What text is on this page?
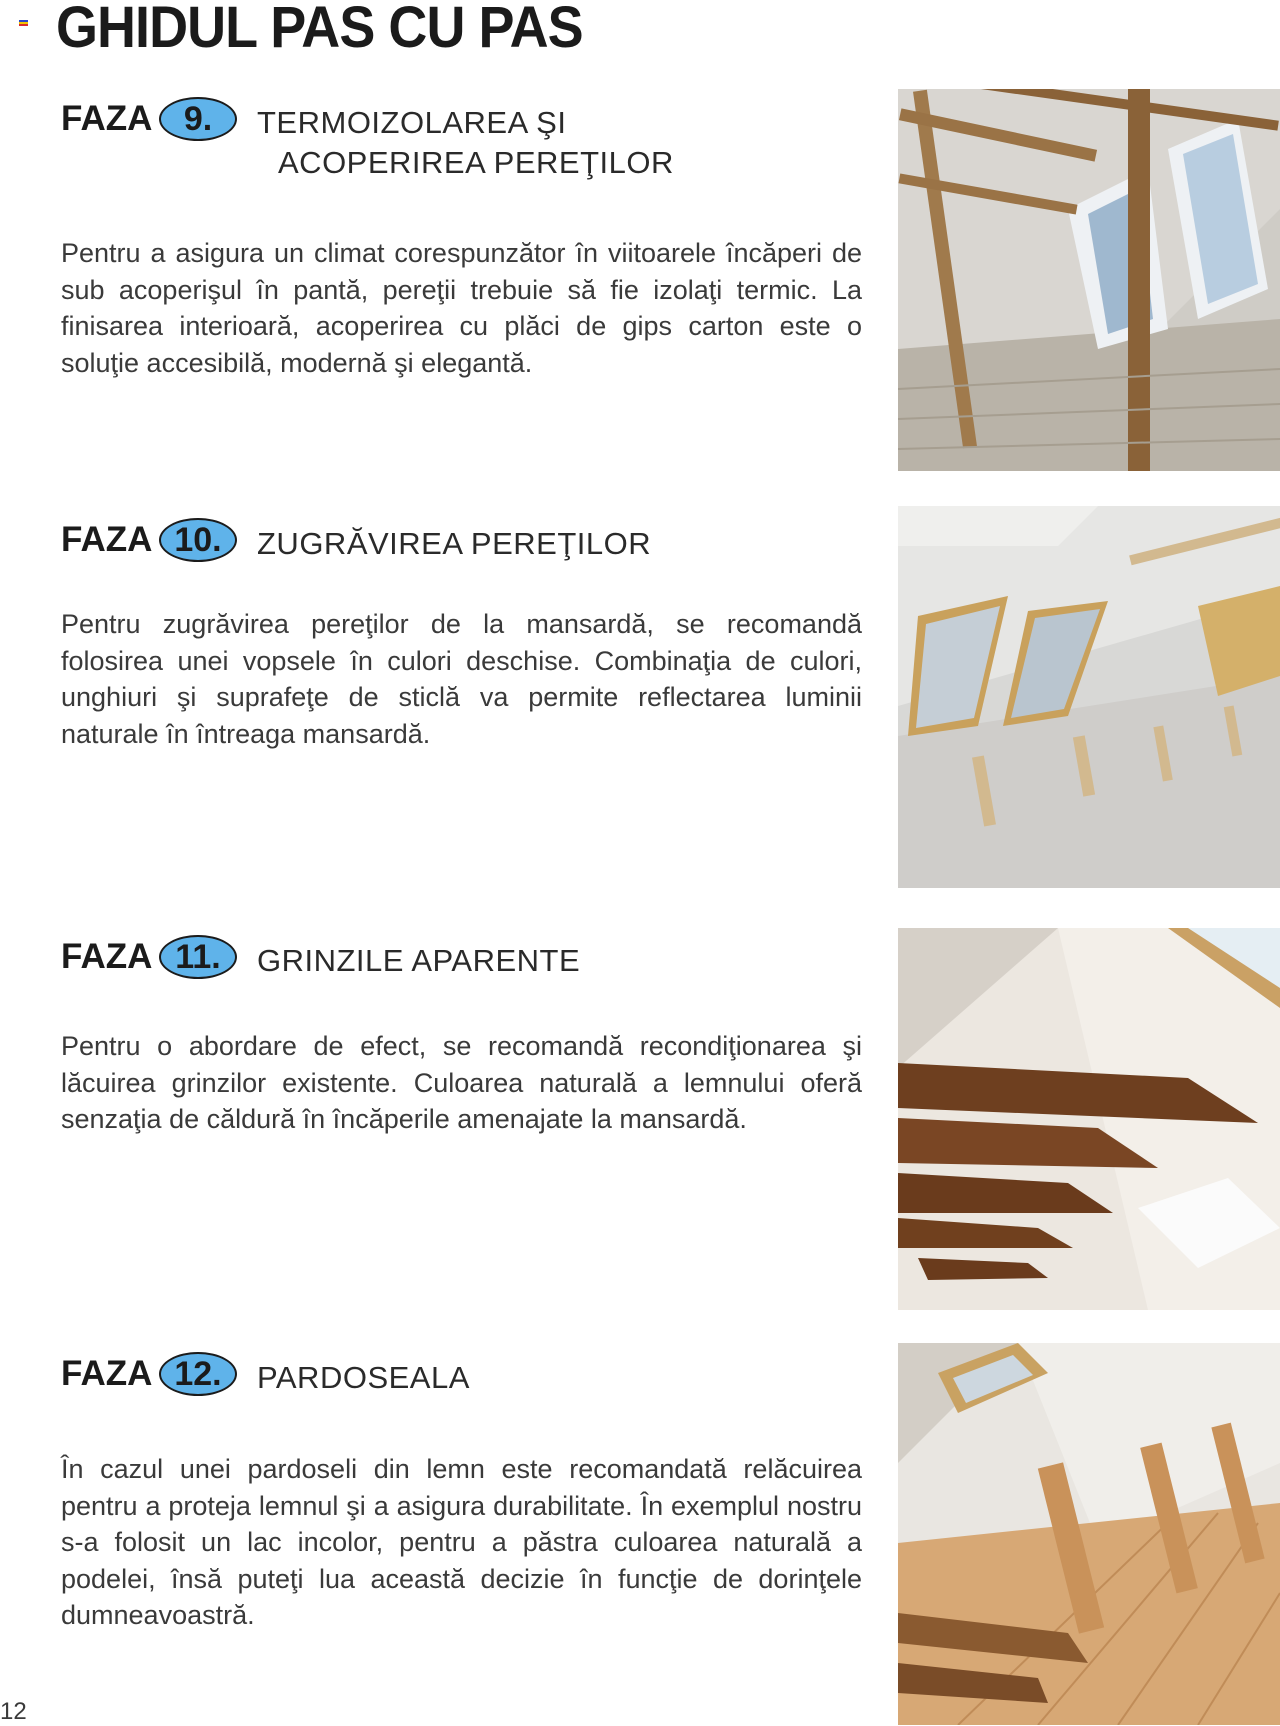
GHIDUL PAS CU PAS
FAZA 9.	TERMOIZOLAREA ŞI
ACOPERIREA PEREŢILOR

Pentru a asigura un climat corespunzător în viitoarele încăperi de sub acoperişul în pantă, pereţii trebuie să fie izolaţi termic. La finisarea interioară, acoperirea cu plăci de gips carton este o soluţie accesibilă, modernă şi elegantă.

FAZA 10.	ZUGRĂVIREA PEREŢILOR

Pentru zugrăvirea pereţilor de la mansardă, se recomandă folosirea unei vopsele în culori deschise. Combinaţia de culori, unghiuri şi suprafeţe de sticlă va permite reflectarea luminii naturale în întreaga mansardă.

FAZA 11.	GRINZILE APARENTE

Pentru o abordare de efect, se recomandă recondiţionarea şi lăcuirea grinzilor existente. Culoarea naturală a lemnului oferă senzaţia de căldură în încăperile amenajate la mansardă.

FAZA 12.	PARDOSEALA

În cazul unei pardoseli din lemn este recomandată relăcuirea pentru a proteja lemnul şi a asigura durabilitate. În exemplul nostru s-a folosit un lac incolor, pentru a păstra culoarea naturală a podelei, însă puteţi lua această decizie în funcţie de dorinţele dumneavoastră.

12
